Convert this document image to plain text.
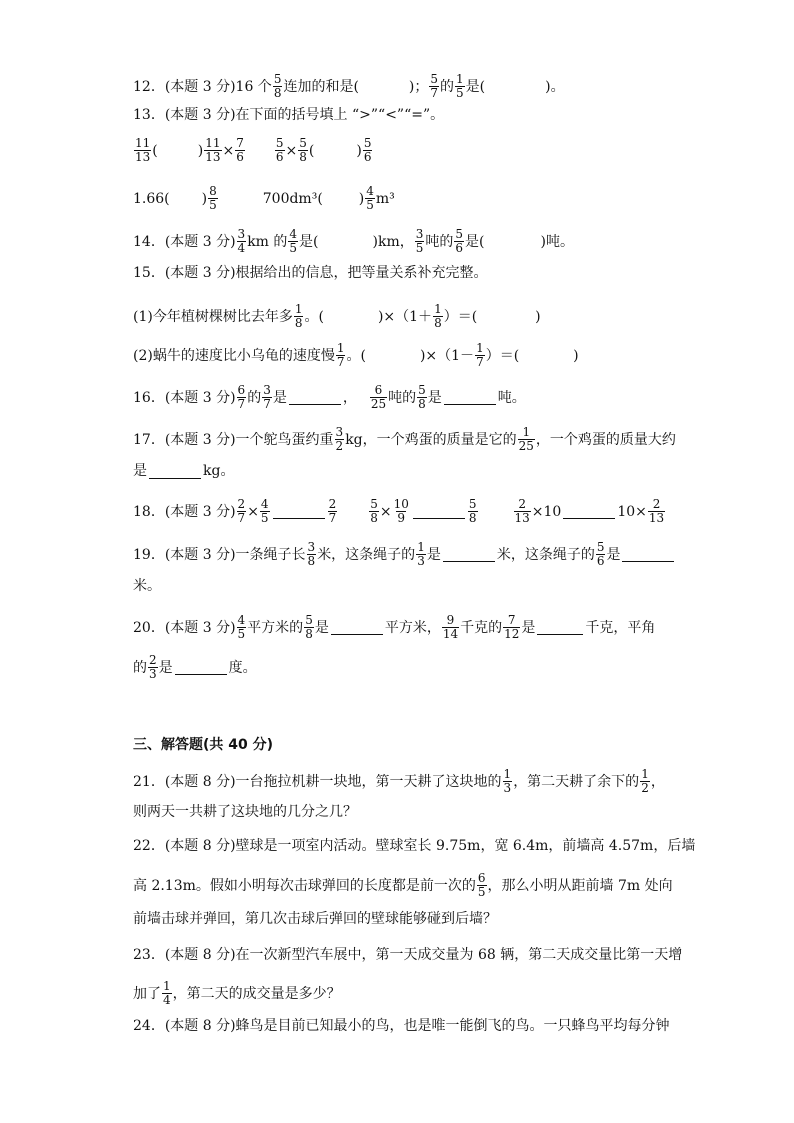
12．(本题 3 分)16 个 $\frac{5}{8}$ 连加的和是(	)； $\frac{5}{7}$ 的 $\frac{1}{5}$ 是(	)。
13．(本题 3 分)在下面的括号填上 “>”“<”“=”。
$\frac{11}{13}$ (	) $\frac{11}{13} \times \frac{7}{6}$	$\frac{5}{6} \times \frac{5}{8}$ (	) $\frac{5}{6}$
1.66( ) $\frac{8}{5}$	700dm³(	) $\frac{4}{5} m^3$
14．(本题 3 分) $\frac{3}{4}$ km 的 $\frac{4}{5}$ 是(	)km， $\frac{3}{5}$ 吨的 $\frac{5}{6}$ 是(	)吨。
15．(本题 3 分)根据给出的信息，把等量关系补充完整。
(1)今年植树棵树比去年多 $\frac{1}{8}$ 。(	)$\times(1+ \frac{1}{8}$ ）＝(	)
(2)蜗牛的速度比小乌龟的速度慢 $\frac{1}{7}$ 。(	)$\times(1- \frac{1}{7}$ ）＝(	)
16．(本题 3 分) $\frac{6}{7}$ 的 $\frac{3}{7}$ 是	， $\frac{6}{25}$ 吨的 $\frac{5}{8}$ 是	吨。
17．(本题 3 分)一个鸵鸟蛋约重 $\frac{3}{2}$ kg，一个鸡蛋的质量是它的 $\frac{1}{25}$ ，一个鸡蛋的质量大约
是	kg。
18．(本题 3 分) $\frac{2}{7} \times \frac{4}{5}$	$\frac{2}{7}$	$\frac{5}{8} \times \frac{10}{9}$	$\frac{5}{8}$	$\frac{2}{13} \times 10$	$10 \times \frac{2}{13}$
19．(本题 3 分)一条绳子长 $\frac{3}{8}$ 米，这条绳子的 $\frac{1}{3}$ 是	米，这条绳子的 $\frac{5}{6}$ 是
米。
20．(本题 3 分) $\frac{4}{5}$ 平方米的 $\frac{5}{8}$ 是	平方米， $\frac{9}{14}$ 千克的 $\frac{7}{12}$ 是	千克，平角
的 $\frac{2}{3}$ 是	度。
三、解答题(共 40 分)
21．(本题 8 分)一台拖拉机耕一块地，第一天耕了这块地的 $\frac{1}{3}$ ，第二天耕了余下的 $\frac{1}{2}$ ，
则两天一共耕了这块地的几分之几？
22．(本题 8 分)壁球是一项室内活动。壁球室长 9.75m，宽 6.4m，前墙高 4.57m，后墙
高 2.13m。假如小明每次击球弹回的长度都是前一次的 $\frac{6}{5}$ ，那么小明从距前墙 7m 处向
前墙击球并弹回，第几次击球后弹回的壁球能够碰到后墙？
23．(本题 8 分)在一次新型汽车展中，第一天成交量为 68 辆，第二天成交量比第一天增
加了 $\frac{1}{4}$ ，第二天的成交量是多少？
24．(本题 8 分)蜂鸟是目前已知最小的鸟，也是唯一能倒飞的鸟。一只蜂鸟平均每分钟
